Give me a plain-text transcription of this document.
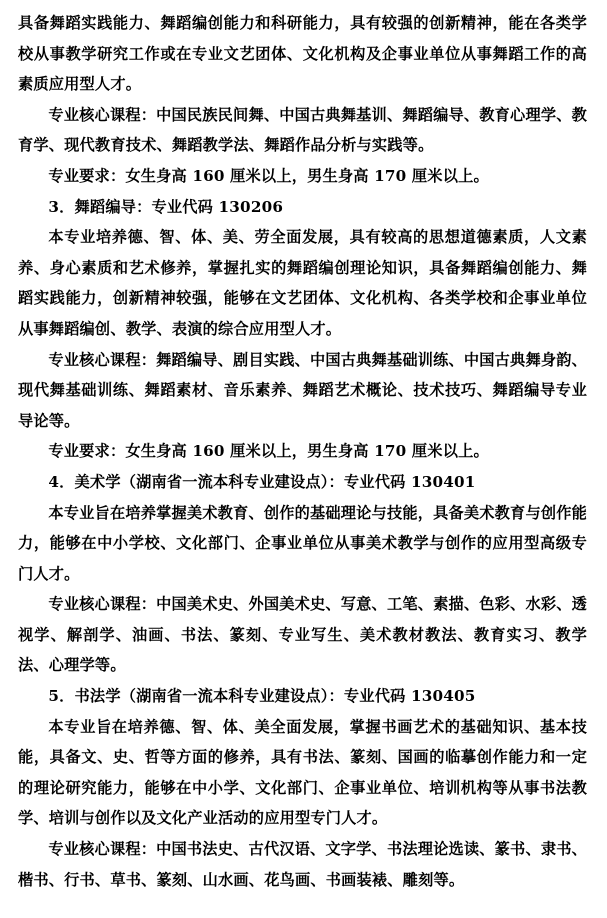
具备舞蹈实践能力、舞蹈编创能力和科研能力，具有较强的创新精神，能在各类学校从事教学研究工作或在专业文艺团体、文化机构及企事业单位从事舞蹈工作的高素质应用型人才。

专业核心课程：中国民族民间舞、中国古典舞基训、舞蹈编导、教育心理学、教育学、现代教育技术、舞蹈教学法、舞蹈作品分析与实践等。

专业要求：女生身高 160 厘米以上，男生身高 170 厘米以上。

3．舞蹈编导：专业代码 130206

本专业培养德、智、体、美、劳全面发展，具有较高的思想道德素质，人文素养、身心素质和艺术修养，掌握扎实的舞蹈编创理论知识，具备舞蹈编创能力、舞蹈实践能力，创新精神较强，能够在文艺团体、文化机构、各类学校和企事业单位从事舞蹈编创、教学、表演的综合应用型人才。

专业核心课程：舞蹈编导、剧目实践、中国古典舞基础训练、中国古典舞身韵、现代舞基础训练、舞蹈素材、音乐素养、舞蹈艺术概论、技术技巧、舞蹈编导专业导论等。

专业要求：女生身高 160 厘米以上，男生身高 170 厘米以上。

4．美术学（湖南省一流本科专业建设点）：专业代码 130401

本专业旨在培养掌握美术教育、创作的基础理论与技能，具备美术教育与创作能力，能够在中小学校、文化部门、企事业单位从事美术教学与创作的应用型高级专门人才。

专业核心课程：中国美术史、外国美术史、写意、工笔、素描、色彩、水彩、透视学、解剖学、油画、书法、篆刻、专业写生、美术教材教法、教育实习、教学法、心理学等。

5．书法学（湖南省一流本科专业建设点）：专业代码 130405

本专业旨在培养德、智、体、美全面发展，掌握书画艺术的基础知识、基本技能，具备文、史、哲等方面的修养，具有书法、篆刻、国画的临摹创作能力和一定的理论研究能力，能够在中小学、文化部门、企事业单位、培训机构等从事书法教学、培训与创作以及文化产业活动的应用型专门人才。

专业核心课程：中国书法史、古代汉语、文字学、书法理论选读、篆书、隶书、楷书、行书、草书、篆刻、山水画、花鸟画、书画装裱、雕刻等。
